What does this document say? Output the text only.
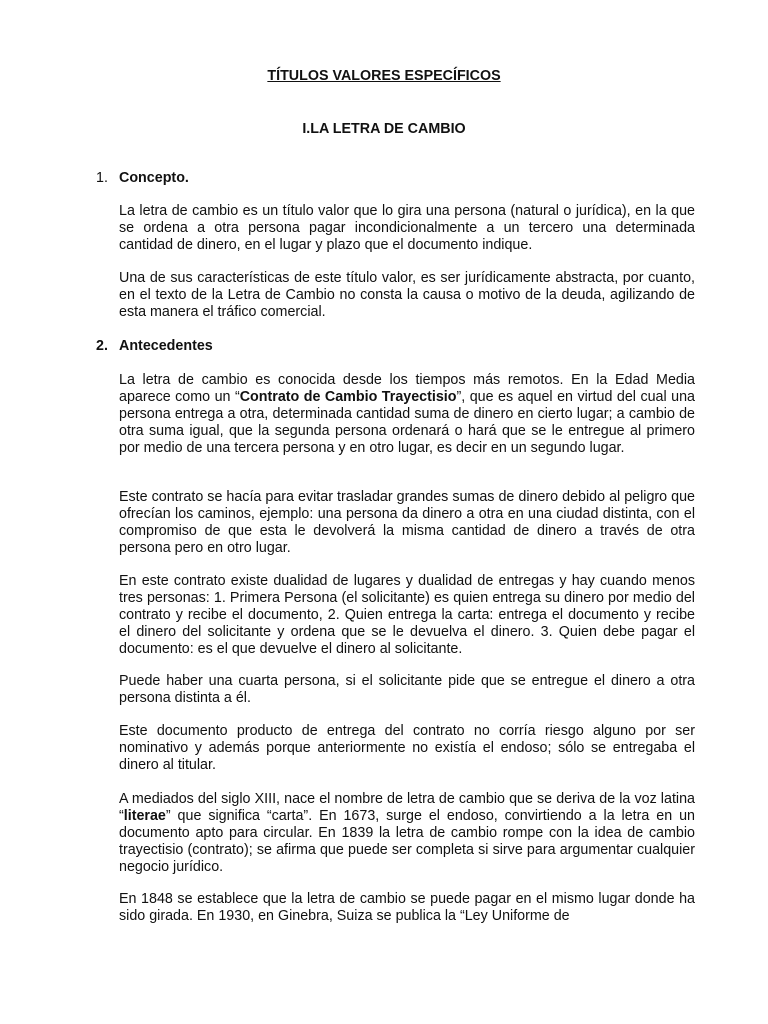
TÍTULOS VALORES ESPECÍFICOS
I.LA LETRA DE CAMBIO
1. Concepto.

La letra de cambio es un título valor que lo gira una persona (natural o jurídica), en la que se ordena a otra persona pagar incondicionalmente a un tercero una determinada cantidad de dinero, en el lugar y plazo que el documento indique.

Una de sus características de este título valor, es ser jurídicamente abstracta, por cuanto, en el texto de la Letra de Cambio no consta la causa o motivo de la deuda, agilizando de esta manera el tráfico comercial.

2. Antecedentes

La letra de cambio es conocida desde los tiempos más remotos. En la Edad Media aparece como un “Contrato de Cambio Trayectisio”, que es aquel en virtud del cual una persona entrega a otra, determinada cantidad suma de dinero en cierto lugar; a cambio de otra suma igual, que la segunda persona ordenará o hará que se le entregue al primero por medio de una tercera persona y en otro lugar, es decir en un segundo lugar.

Este contrato se hacía para evitar trasladar grandes sumas de dinero debido al peligro que ofrecían los caminos, ejemplo: una persona da dinero a otra en una ciudad distinta, con el compromiso de que esta le devolverá la misma cantidad de dinero a través de otra persona pero en otro lugar.

En este contrato existe dualidad de lugares y dualidad de entregas y hay cuando menos tres personas: 1. Primera Persona (el solicitante) es quien entrega su dinero por medio del contrato y recibe el documento, 2. Quien entrega la carta: entrega el documento y recibe el dinero del solicitante y ordena que se le devuelva el dinero. 3. Quien debe pagar el documento: es el que devuelve el dinero al solicitante.

Puede haber una cuarta persona, si el solicitante pide que se entregue el dinero a otra persona distinta a él.

Este documento producto de entrega del contrato no corría riesgo alguno por ser nominativo y además porque anteriormente no existía el endoso; sólo se entregaba el dinero al titular.

A mediados del siglo XIII, nace el nombre de letra de cambio que se deriva de la voz latina “literae” que significa “carta”. En 1673, surge el endoso, convirtiendo a la letra en un documento apto para circular. En 1839 la letra de cambio rompe con la idea de cambio trayectisio (contrato); se afirma que puede ser completa si sirve para argumentar cualquier negocio jurídico.

En 1848 se establece que la letra de cambio se puede pagar en el mismo lugar donde ha sido girada. En 1930, en Ginebra, Suiza se publica la “Ley Uniforme de
